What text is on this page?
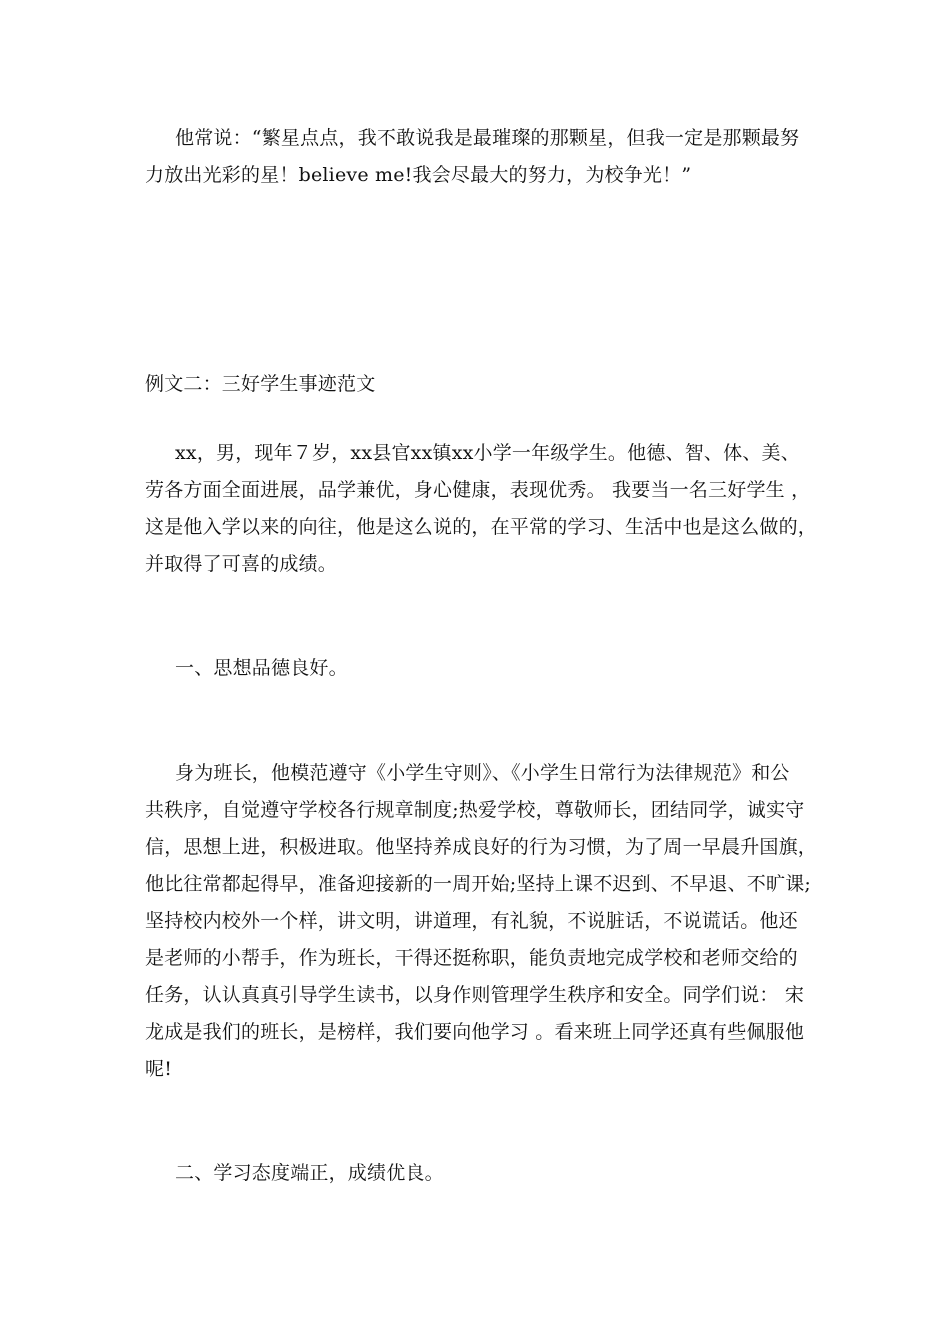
他常说：“繁星点点，我不敢说我是最璀璨的那颗星，但我一定是那颗最努
力放出光彩的星！believe me!我会尽最大的努力，为校争光！”
例文二：三好学生事迹范文
xx，男，现年７岁，xx县官xx镇xx小学一年级学生。他德、智、体、美、
劳各方面全面进展，品学兼优，身心健康，表现优秀。 我要当一名三好学生 ，
这是他入学以来的向往，他是这么说的，在平常的学习、生活中也是这么做的，
并取得了可喜的成绩。
一、思想品德良好。
身为班长，他模范遵守《小学生守则》、《小学生日常行为法律规范》和公
共秩序，自觉遵守学校各行规章制度;热爱学校，尊敬师长，团结同学，诚实守
信，思想上进，积极进取。他坚持养成良好的行为习惯，为了周一早晨升国旗，
他比往常都起得早，准备迎接新的一周开始;坚持上课不迟到、不早退、不旷课;
坚持校内校外一个样，讲文明，讲道理，有礼貌，不说脏话，不说谎话。他还
是老师的小帮手，作为班长，干得还挺称职，能负责地完成学校和老师交给的
任务，认认真真引导学生读书，以身作则管理学生秩序和安全。同学们说： 宋
龙成是我们的班长，是榜样，我们要向他学习 。看来班上同学还真有些佩服他
呢!
二、学习态度端正，成绩优良。
